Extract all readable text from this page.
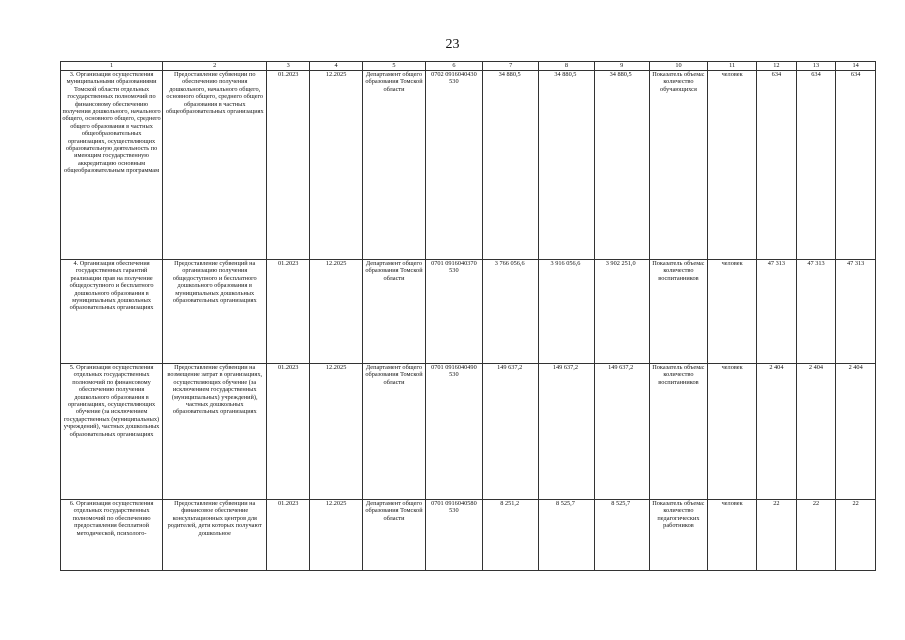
23
1	2	3	4	5	6	7	8	9	10	11	12	13	14
3. Организация осуществления муниципальными образованиями Томской области отдельных государственных полномочий по финансовому обеспечению получения дошкольного, начального общего, основного общего, среднего общего образования в частных общеобразовательных организациях, осуществляющих образовательную деятельность по имеющим государственную аккредитацию основным общеобразовательным программам	Предоставление субвенции по обеспечению получения дошкольного, начального общего, основного общего, среднего общего образования в частных общеобразовательных организациях	01.2023	12.2025	Департамент общего образования Томской области	0702 0916040430 530	34 880,5	34 880,5	34 880,5	Показатель объема: количество обучающихся	человек	634	634	634
4. Организация обеспечения государственных гарантий реализации прав на получение общедоступного и бесплатного дошкольного образования в муниципальных дошкольных образовательных организациях	Предоставление субвенций на организацию получения общедоступного и бесплатного дошкольного образования в муниципальных дошкольных образовательных организациях	01.2023	12.2025	Департамент общего образования Томской области	0701 0916040370 530	3 766 056,6	3 916 056,6	3 902 251,0	Показатель объема: количество воспитанников	человек	47 313	47 313	47 313
5. Организация осуществления отдельных государственных полномочий по финансовому обеспечению получения дошкольного образования в организациях, осуществляющих обучение (за исключением государственных (муниципальных) учреждений), частных дошкольных образовательных организациях	Предоставление субвенции на возмещение затрат в организациях, осуществляющих обучение (за исключением государственных (муниципальных) учреждений), частных дошкольных образовательных организациях	01.2023	12.2025	Департамент общего образования Томской области	0701 0916040490 530	149 637,2	149 637,2	149 637,2	Показатель объема: количество воспитанников	человек	2 404	2 404	2 404
6. Организация осуществления отдельных государственных полномочий по обеспечению предоставления бесплатной методической, психолого-	Предоставление субвенции на финансовое обеспечение консультационных центров для родителей, дети которых получают дошкольное	01.2023	12.2025	Департамент общего образования Томской области	0701 0916040580 530	8 251,2	8 525,7	8 525,7	Показатель объема: количество педагогических работников	человек	22	22	22
